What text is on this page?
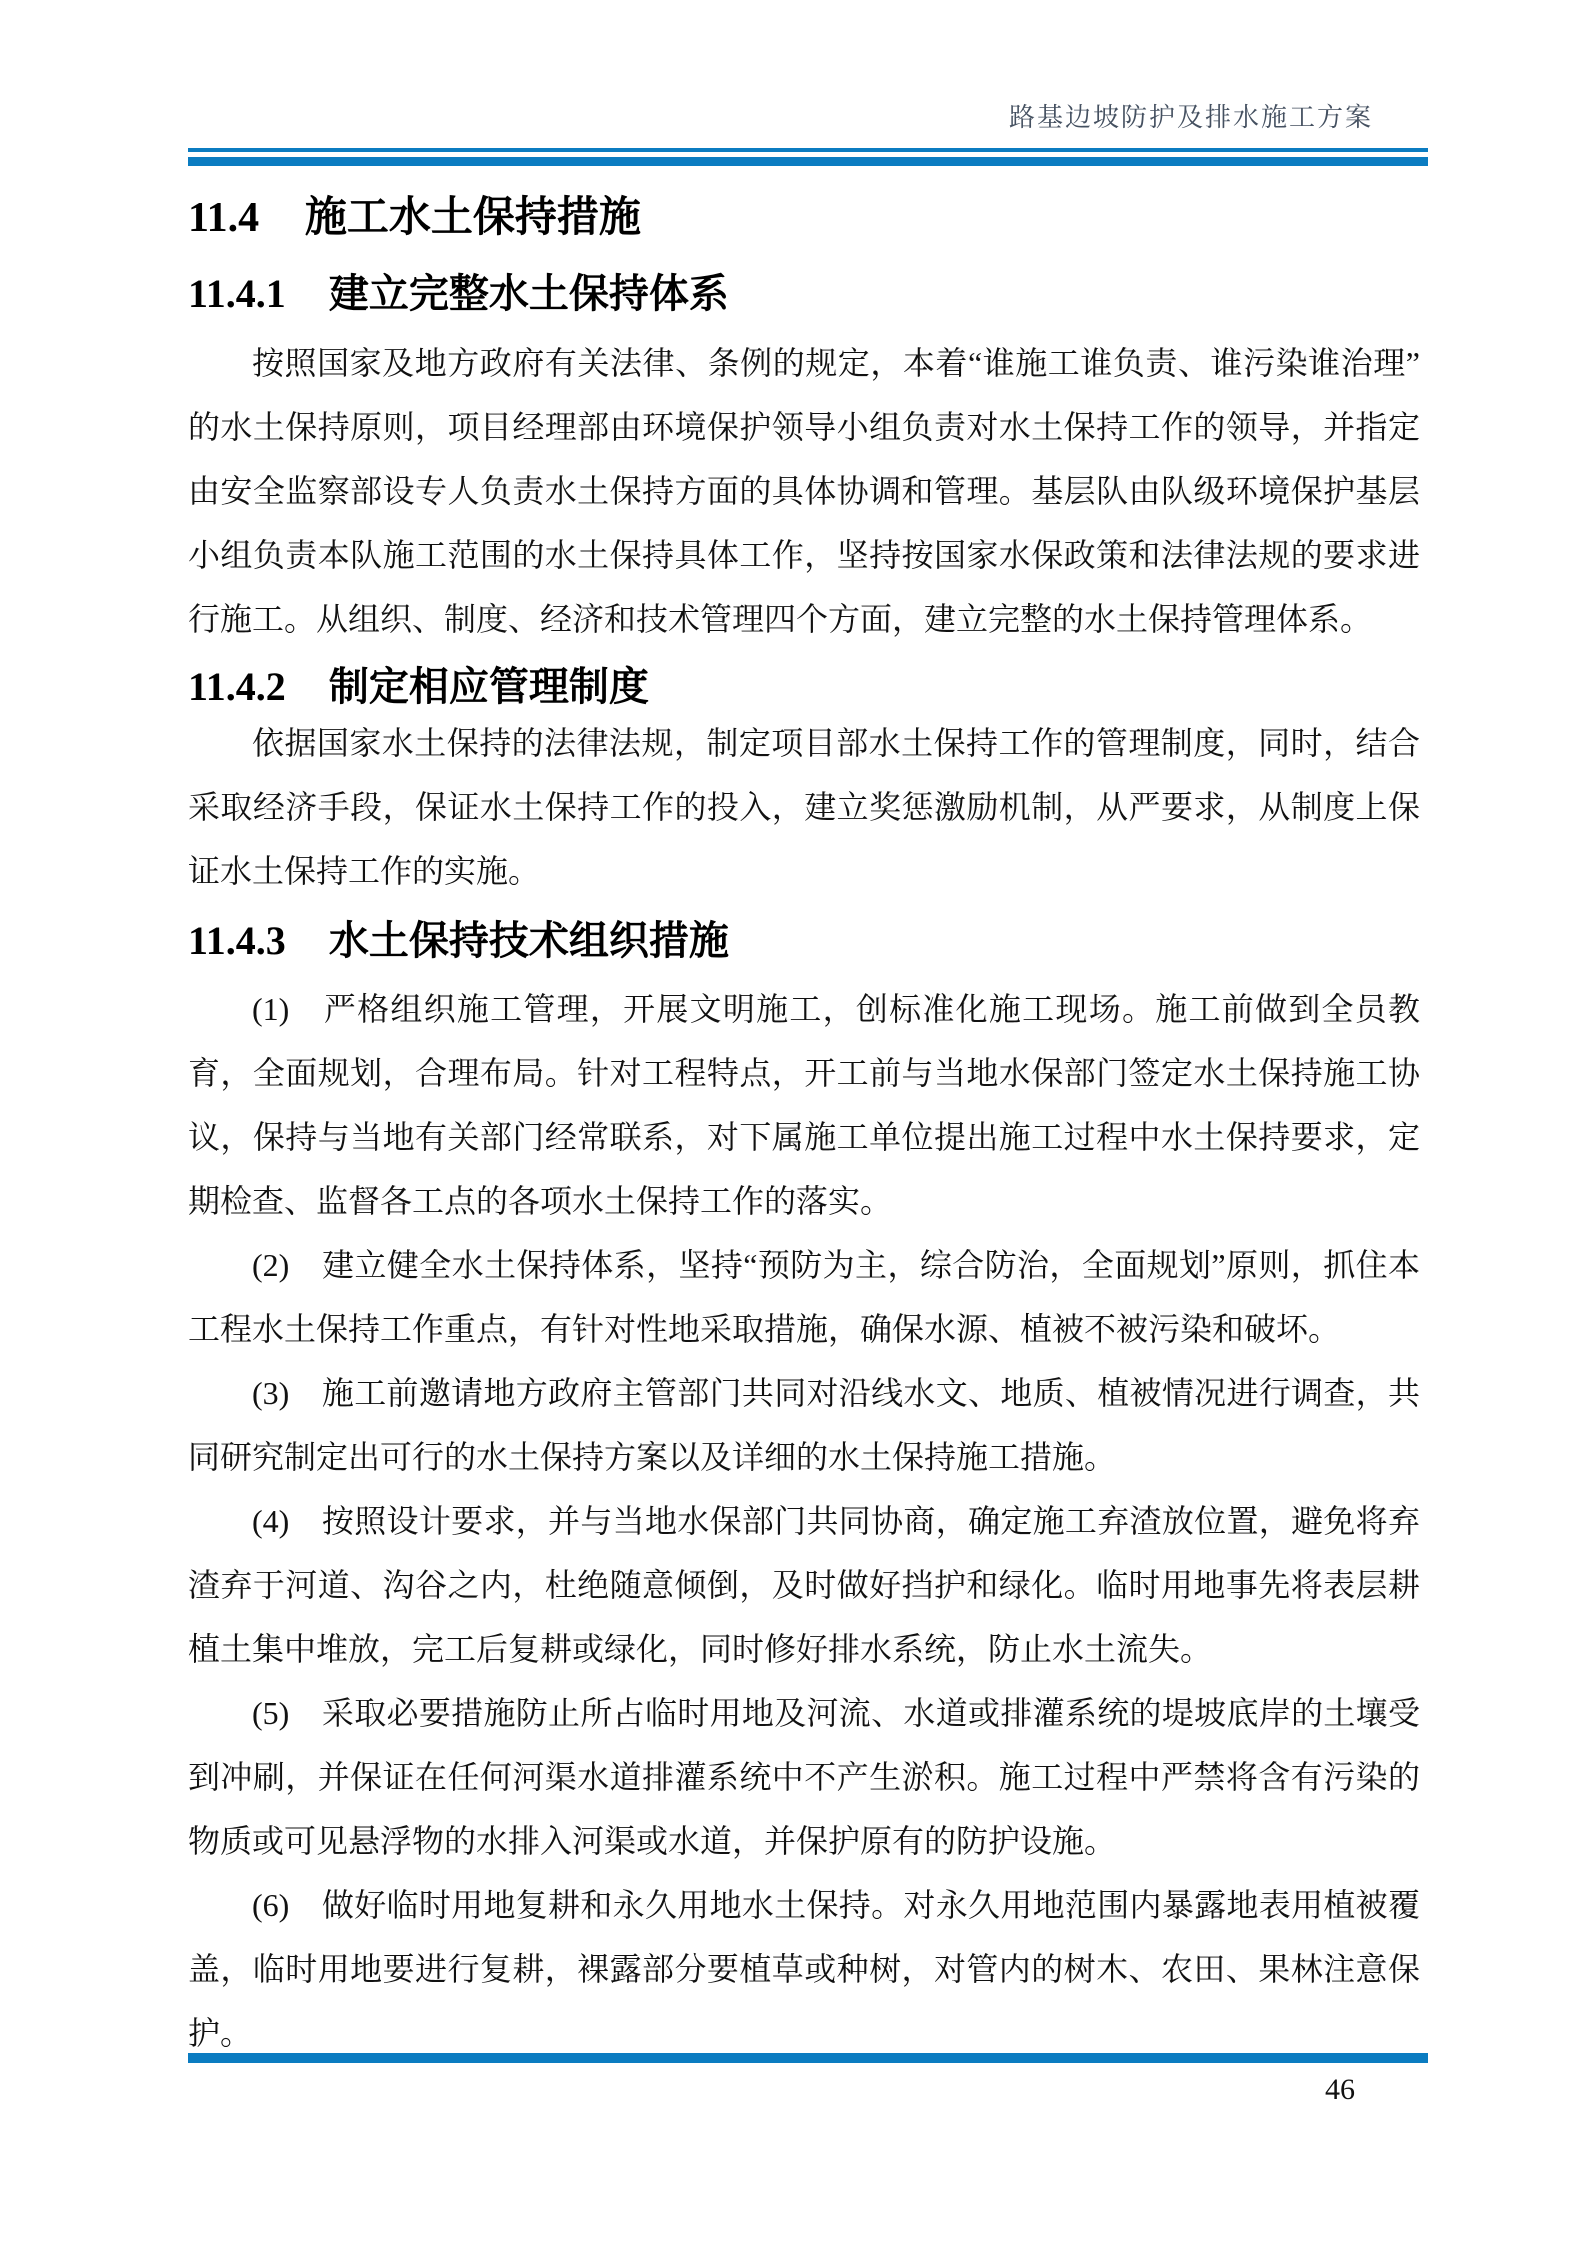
路基边坡防护及排水施工方案
11.4 施工水土保持措施
11.4.1 建立完整水土保持体系

按照国家及地方政府有关法律、条例的规定，本着“谁施工谁负责、谁污染谁治理”的水土保持原则，项目经理部由环境保护领导小组负责对水土保持工作的领导，并指定由安全监察部设专人负责水土保持方面的具体协调和管理。基层队由队级环境保护基层小组负责本队施工范围的水土保持具体工作，坚持按国家水保政策和法律法规的要求进行施工。从组织、制度、经济和技术管理四个方面，建立完整的水土保持管理体系。

11.4.2 制定相应管理制度

依据国家水土保持的法律法规，制定项目部水土保持工作的管理制度，同时，结合采取经济手段，保证水土保持工作的投入，建立奖惩激励机制，从严要求，从制度上保证水土保持工作的实施。

11.4.3 水土保持技术组织措施

(1)　严格组织施工管理，开展文明施工，创标准化施工现场。施工前做到全员教育，全面规划，合理布局。针对工程特点，开工前与当地水保部门签定水土保持施工协议，保持与当地有关部门经常联系，对下属施工单位提出施工过程中水土保持要求，定期检查、监督各工点的各项水土保持工作的落实。

(2)　建立健全水土保持体系，坚持“预防为主，综合防治，全面规划”原则，抓住本工程水土保持工作重点，有针对性地采取措施，确保水源、植被不被污染和破坏。

(3)　施工前邀请地方政府主管部门共同对沿线水文、地质、植被情况进行调查，共同研究制定出可行的水土保持方案以及详细的水土保持施工措施。

(4)　按照设计要求，并与当地水保部门共同协商，确定施工弃渣放位置，避免将弃渣弃于河道、沟谷之内，杜绝随意倾倒，及时做好挡护和绿化。临时用地事先将表层耕植土集中堆放，完工后复耕或绿化，同时修好排水系统，防止水土流失。

(5)　采取必要措施防止所占临时用地及河流、水道或排灌系统的堤坡底岸的土壤受到冲刷，并保证在任何河渠水道排灌系统中不产生淤积。施工过程中严禁将含有污染的物质或可见悬浮物的水排入河渠或水道，并保护原有的防护设施。

(6)　做好临时用地复耕和永久用地水土保持。对永久用地范围内暴露地表用植被覆盖，临时用地要进行复耕，裸露部分要植草或种树，对管内的树木、农田、果林注意保护。

46
